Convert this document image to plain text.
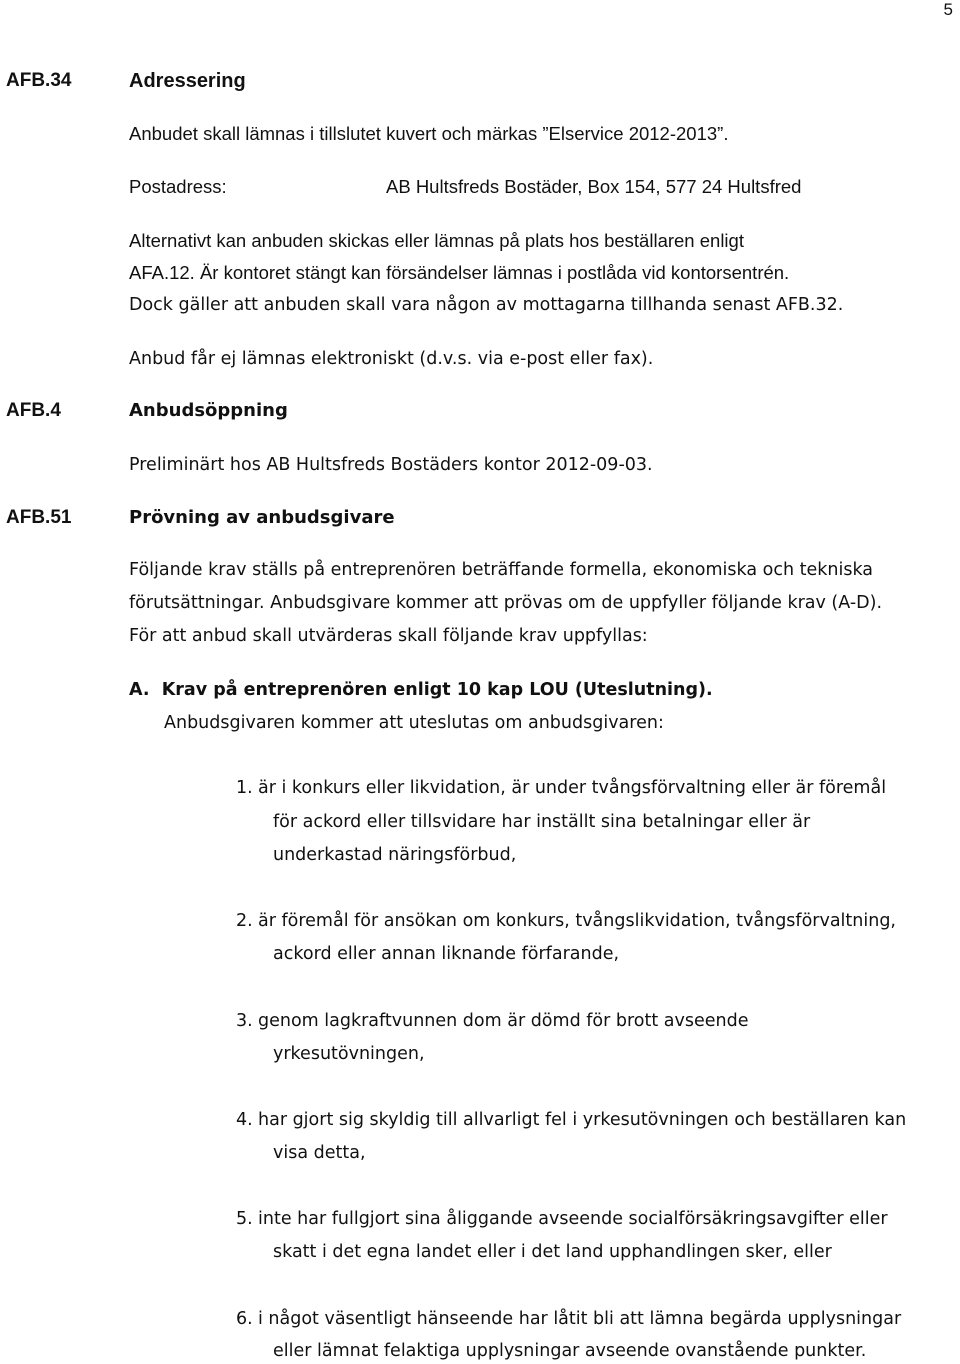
5
AFB.34	Adressering
Anbudet skall lämnas i tillslutet kuvert och märkas ”Elservice 2012-2013”.
Postadress:	AB Hultsfreds Bostäder, Box 154, 577 24 Hultsfred
Alternativt kan anbuden skickas eller lämnas på plats hos beställaren enligt
AFA.12. Är kontoret stängt kan försändelser lämnas i postlåda vid kontorsentrén.
Dock gäller att anbuden skall vara någon av mottagarna tillhanda senast AFB.32.
Anbud får ej lämnas elektroniskt (d.v.s. via e-post eller fax).
AFB.4	Anbudsöppning
Preliminärt hos AB Hultsfreds Bostäders kontor 2012-09-03.
AFB.51	Prövning av anbudsgivare
Följande krav ställs på entreprenören beträffande formella, ekonomiska och tekniska
förutsättningar. Anbudsgivare kommer att prövas om de uppfyller följande krav (A-D).
För att anbud skall utvärderas skall följande krav uppfyllas:
A.  Krav på entreprenören enligt 10 kap LOU (Uteslutning).
Anbudsgivaren kommer att uteslutas om anbudsgivaren:
1. är i konkurs eller likvidation, är under tvångsförvaltning eller är föremål
för ackord eller tillsvidare har inställt sina betalningar eller är
underkastad näringsförbud,
2. är föremål för ansökan om konkurs, tvångslikvidation, tvångsförvaltning,
ackord eller annan liknande förfarande,
3. genom lagkraftvunnen dom är dömd för brott avseende
yrkesutövningen,
4. har gjort sig skyldig till allvarligt fel i yrkesutövningen och beställaren kan
visa detta,
5. inte har fullgjort sina åliggande avseende socialförsäkringsavgifter eller
skatt i det egna landet eller i det land upphandlingen sker, eller
6. i något väsentligt hänseende har låtit bli att lämna begärda upplysningar
eller lämnat felaktiga upplysningar avseende ovanstående punkter.
